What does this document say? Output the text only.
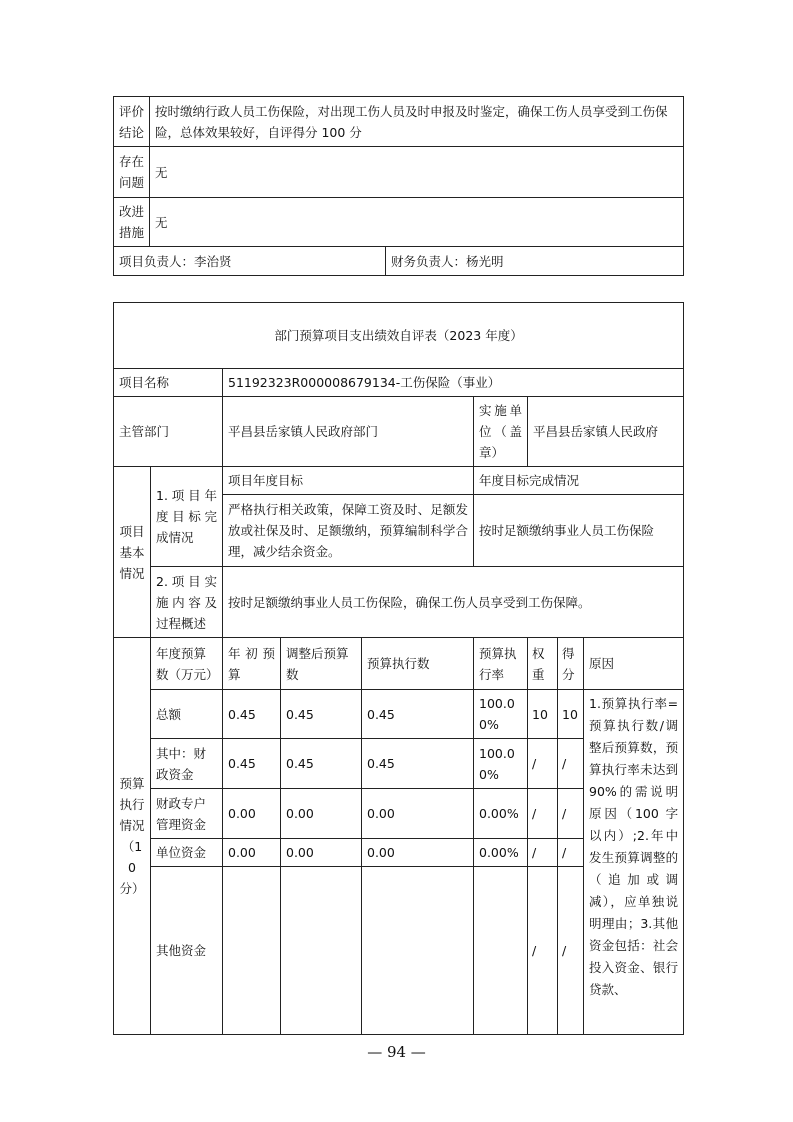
评价结论	按时缴纳行政人员工伤保险，对出现工伤人员及时申报及时鉴定，确保工伤人员享受到工伤保险，总体效果较好，自评得分 100 分	
存在问题	无	
改进措施	无	
项目负责人：李治贤		财务负责人：杨光明
部门预算项目支出绩效自评表（2023 年度）								
项目名称		51192323R000008679134-工伤保险（事业）						
主管部门		平昌县岳家镇人民政府部门			实施单位（盖章）	平昌县岳家镇人民政府		
项目基本情况	1.项目年度目标完成情况	项目年度目标			年度目标完成情况			
		严格执行相关政策，保障工资及时、足额发放或社保及时、足额缴纳，预算编制科学合理，减少结余资金。			按时足额缴纳事业人员工伤保险			
	2.项目实施内容及过程概述	按时足额缴纳事业人员工伤保险，确保工伤人员享受到工伤保障。						
预算执行情况（10分）	年度预算数（万元）	年初预算	调整后预算数	预算执行数	预算执行率	权重	得分	原因
	总额	0.45	0.45	0.45	100.00%	10	10	1.预算执行率=预算执行数/调整后预算数，预算执行率未达到 90%的需说明原因（100 字以内）;2.年中发生预算调整的（追加或调减），应单独说明理由；3.其他资金包括：社会投入资金、银行贷款、
	其中：财政资金	0.45	0.45	0.45	100.00%	/	/	
	财政专户管理资金	0.00	0.00	0.00	0.00%	/	/	
	单位资金	0.00	0.00	0.00	0.00%	/	/	
	其他资金					/	/	
— 94 —
